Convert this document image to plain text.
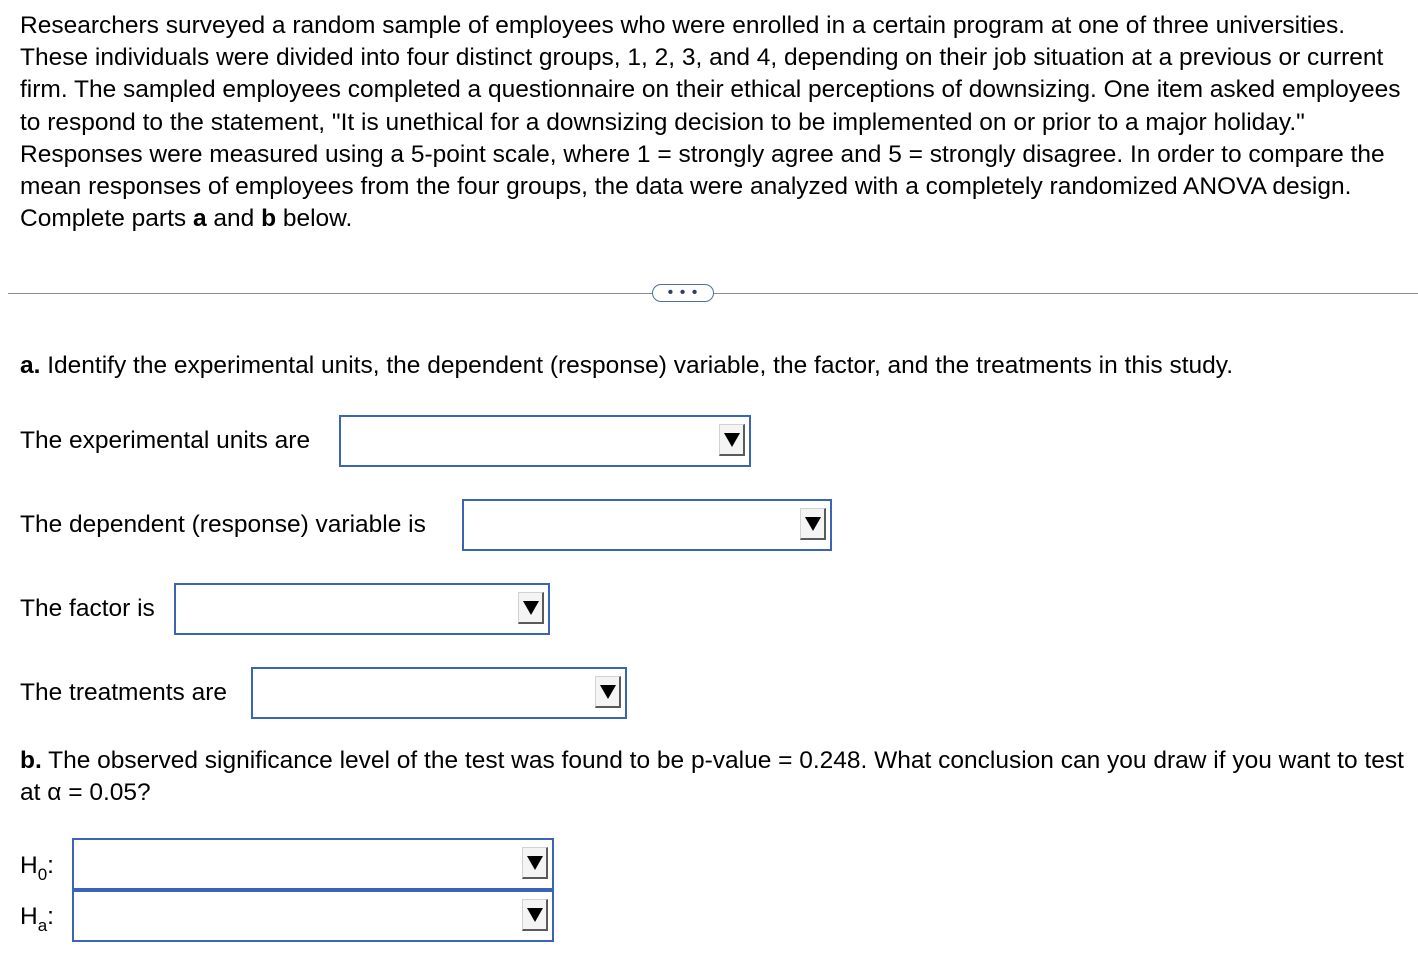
Researchers surveyed a random sample of employees who were enrolled in a certain program at one of three universities. These individuals were divided into four distinct groups, 1, 2, 3, and 4, depending on their job situation at a previous or current firm. The sampled employees completed a questionnaire on their ethical perceptions of downsizing. One item asked employees to respond to the statement, "It is unethical for a downsizing decision to be implemented on or prior to a major holiday." Responses were measured using a 5-point scale, where 1 = strongly agree and 5 = strongly disagree. In order to compare the mean responses of employees from the four groups, the data were analyzed with a completely randomized ANOVA design. Complete parts a and b below.
• • •
a. Identify the experimental units, the dependent (response) variable, the factor, and the treatments in this study.
The experimental units are
The dependent (response) variable is
The factor is
The treatments are
b. The observed significance level of the test was found to be p-value = 0.248. What conclusion can you draw if you want to test at α = 0.05?
$H_0$:
$H_a$:
